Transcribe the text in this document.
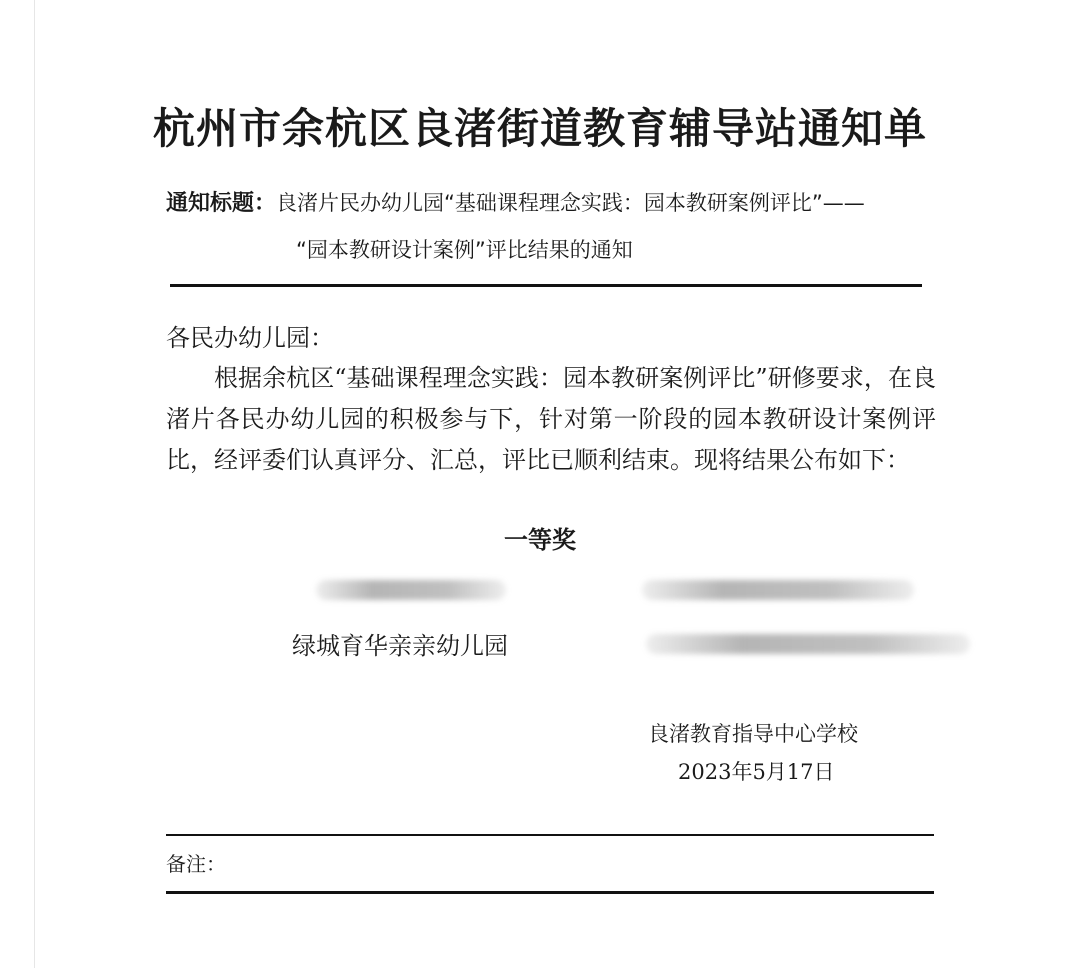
杭州市余杭区良渚街道教育辅导站通知单
通知标题：良渚片民办幼儿园“基础课程理念实践：园本教研案例评比”——
“园本教研设计案例”评比结果的通知
各民办幼儿园：
根据余杭区“基础课程理念实践：园本教研案例评比”研修要求，在良渚片各民办幼儿园的积极参与下，针对第一阶段的园本教研设计案例评比，经评委们认真评分、汇总，评比已顺利结束。现将结果公布如下：
一等奖
绿城育华亲亲幼儿园
良渚教育指导中心学校
2023年5月17日
备注：
